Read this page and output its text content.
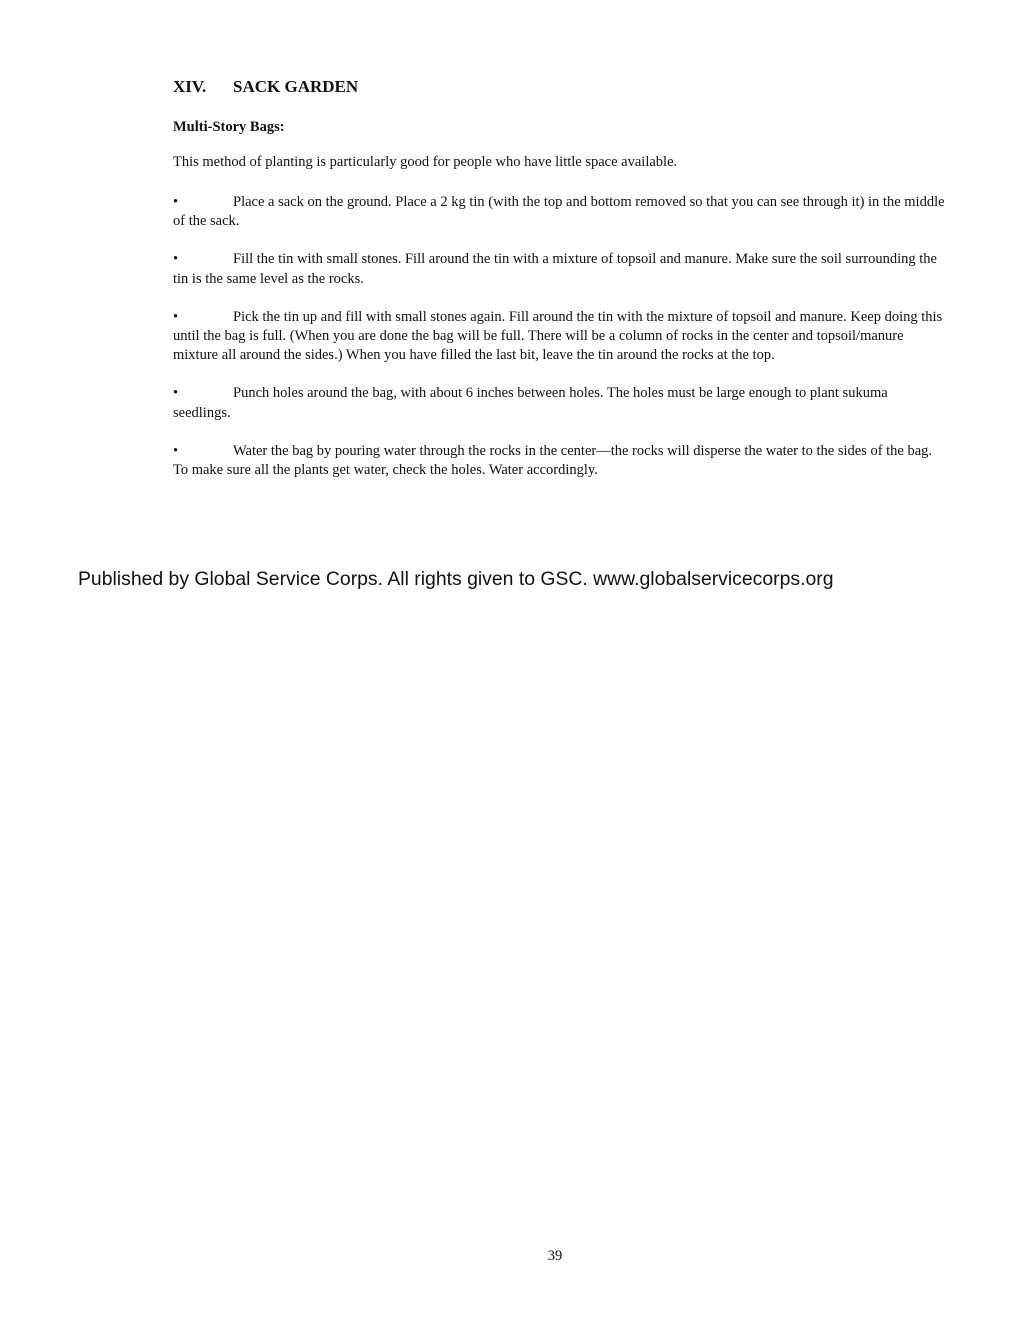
XIV. SACK GARDEN

Multi-Story Bags:

This method of planting is particularly good for people who have little space available.

•	Place a sack on the ground. Place a 2 kg tin (with the top and bottom removed so that you can see through it) in the middle of the sack.
•	Fill the tin with small stones. Fill around the tin with a mixture of topsoil and manure. Make sure the soil surrounding the tin is the same level as the rocks.
•	Pick the tin up and fill with small stones again. Fill around the tin with the mixture of topsoil and manure. Keep doing this until the bag is full. (When you are done the bag will be full. There will be a column of rocks in the center and topsoil/manure mixture all around the sides.) When you have filled the last bit, leave the tin around the rocks at the top.
•	Punch holes around the bag, with about 6 inches between holes. The holes must be large enough to plant sukuma seedlings.
•	Water the bag by pouring water through the rocks in the center—the rocks will disperse the water to the sides of the bag. To make sure all the plants get water, check the holes. Water accordingly.

Published by Global Service Corps. All rights given to GSC. www.globalservicecorps.org

39
